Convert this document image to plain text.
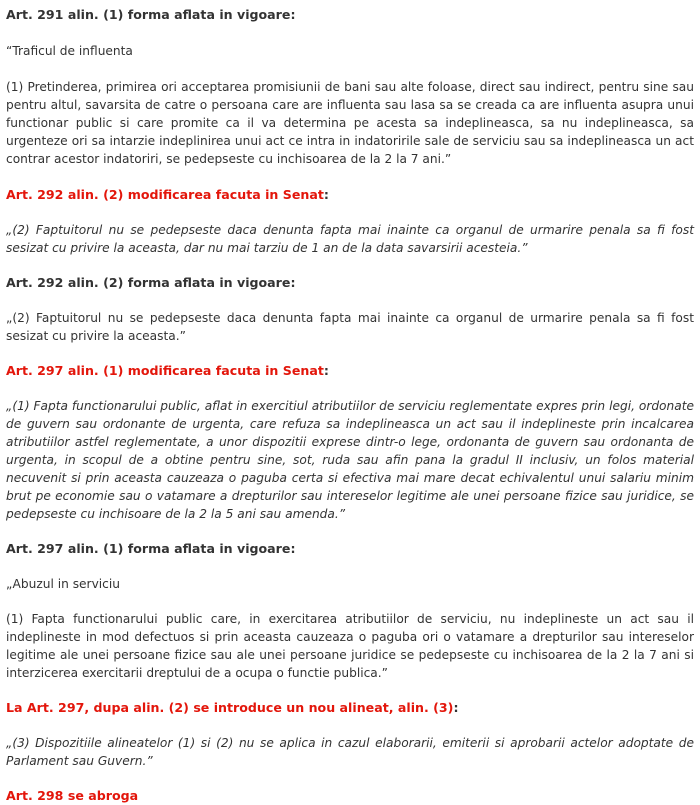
Art. 291 alin. (1) forma aflata in vigoare:

“Traficul de influenta

(1) Pretinderea, primirea ori acceptarea promisiunii de bani sau alte foloase, direct sau indirect, pentru sine sau pentru altul, savarsita de catre o persoana care are influenta sau lasa sa se creada ca are influenta asupra unui functionar public si care promite ca il va determina pe acesta sa indeplineasca, sa nu indeplineasca, sa urgenteze ori sa intarzie indeplinirea unui act ce intra in indatoririle sale de serviciu sau sa indeplineasca un act contrar acestor indatoriri, se pedepseste cu inchisoarea de la 2 la 7 ani.”

Art. 292 alin. (2) modificarea facuta in Senat:

„(2) Faptuitorul nu se pedepseste daca denunta fapta mai inainte ca organul de urmarire penala sa fi fost sesizat cu privire la aceasta, dar nu mai tarziu de 1 an de la data savarsirii acesteia.”

Art. 292 alin. (2) forma aflata in vigoare:

„(2) Faptuitorul nu se pedepseste daca denunta fapta mai inainte ca organul de urmarire penala sa fi fost sesizat cu privire la aceasta.”

Art. 297 alin. (1) modificarea facuta in Senat:

„(1) Fapta functionarului public, aflat in exercitiul atributiilor de serviciu reglementate expres prin legi, ordonate de guvern sau ordonante de urgenta, care refuza sa indeplineasca un act sau il indeplineste prin incalcarea atributiilor astfel reglementate, a unor dispozitii exprese dintr-o lege, ordonanta de guvern sau ordonanta de urgenta, in scopul de a obtine pentru sine, sot, ruda sau afin pana la gradul II inclusiv, un folos material necuvenit si prin aceasta cauzeaza o paguba certa si efectiva mai mare decat echivalentul unui salariu minim brut pe economie sau o vatamare a drepturilor sau intereselor legitime ale unei persoane fizice sau juridice, se pedepseste cu inchisoare de la 2 la 5 ani sau amenda.”

Art. 297 alin. (1) forma aflata in vigoare:

„Abuzul in serviciu

(1) Fapta functionarului public care, in exercitarea atributiilor de serviciu, nu indeplineste un act sau il indeplineste in mod defectuos si prin aceasta cauzeaza o paguba ori o vatamare a drepturilor sau intereselor legitime ale unei persoane fizice sau ale unei persoane juridice se pedepseste cu inchisoarea de la 2 la 7 ani si interzicerea exercitarii dreptului de a ocupa o functie publica.”

La Art. 297, dupa alin. (2) se introduce un nou alineat, alin. (3):

„(3) Dispozitiile alineatelor (1) si (2) nu se aplica in cazul elaborarii, emiterii si aprobarii actelor adoptate de Parlament sau Guvern.”

Art. 298 se abroga
